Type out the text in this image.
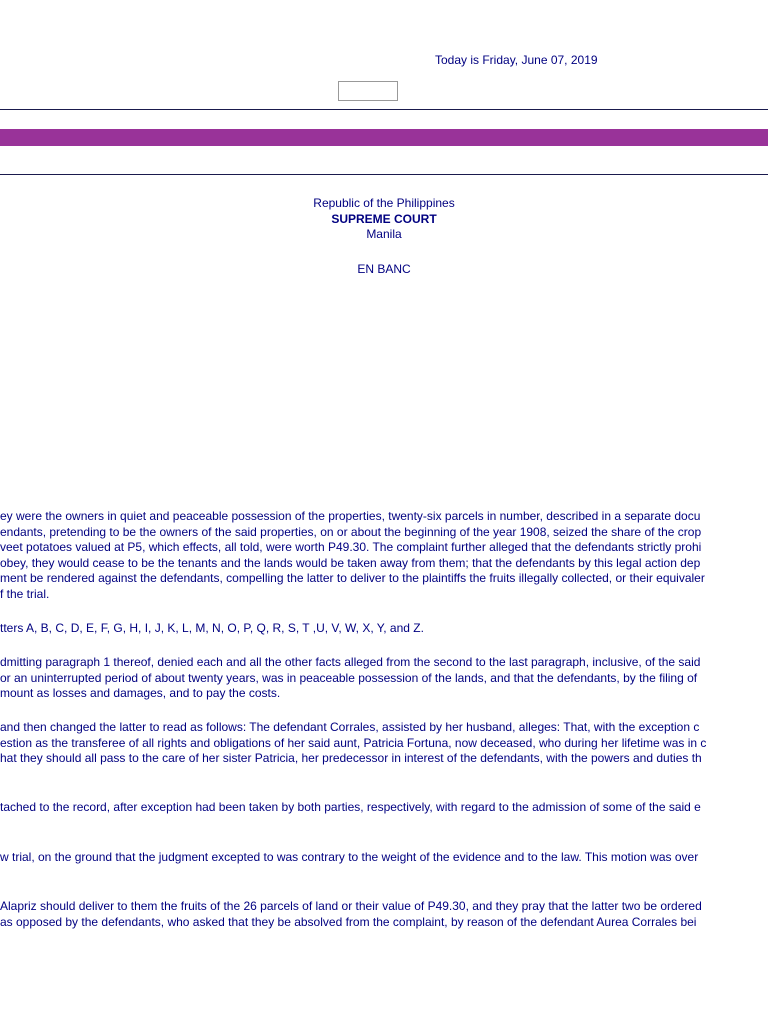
Today is Friday, June 07, 2019
Republic of the Philippines
SUPREME COURT
Manila
EN BANC
ey were the owners in quiet and peaceable possession of the properties, twenty-six parcels in number, described in a separate docu
endants, pretending to be the owners of the said properties, on or about the beginning of the year 1908, seized the share of the crop
veet potatoes valued at P5, which effects, all told, were worth P49.30. The complaint further alleged that the defendants strictly prohi
obey, they would cease to be the tenants and the lands would be taken away from them; that the defendants by this legal action dep
ment be rendered against the defendants, compelling the latter to deliver to the plaintiffs the fruits illegally collected, or their equivaler
f the trial.
tters A, B, C, D, E, F, G, H, I, J, K, L, M, N, O, P, Q, R, S, T ,U, V, W, X, Y, and Z.
dmitting paragraph 1 thereof, denied each and all the other facts alleged from the second to the last paragraph, inclusive, of the said
or an uninterrupted period of about twenty years, was in peaceable possession of the lands, and that the defendants, by the filing of
mount as losses and damages, and to pay the costs.
and then changed the latter to read as follows: The defendant Corrales, assisted by her husband, alleges: That, with the exception c
estion as the transferee of all rights and obligations of her said aunt, Patricia Fortuna, now deceased, who during her lifetime was in c
hat they should all pass to the care of her sister Patricia, her predecessor in interest of the defendants, with the powers and duties th
tached to the record, after exception had been taken by both parties, respectively, with regard to the admission of some of the said e
w trial, on the ground that the judgment excepted to was contrary to the weight of the evidence and to the law. This motion was over
Alapriz should deliver to them the fruits of the 26 parcels of land or their value of P49.30, and they pray that the latter two be ordered
as opposed by the defendants, who asked that they be absolved from the complaint, by reason of the defendant Aurea Corrales bei
